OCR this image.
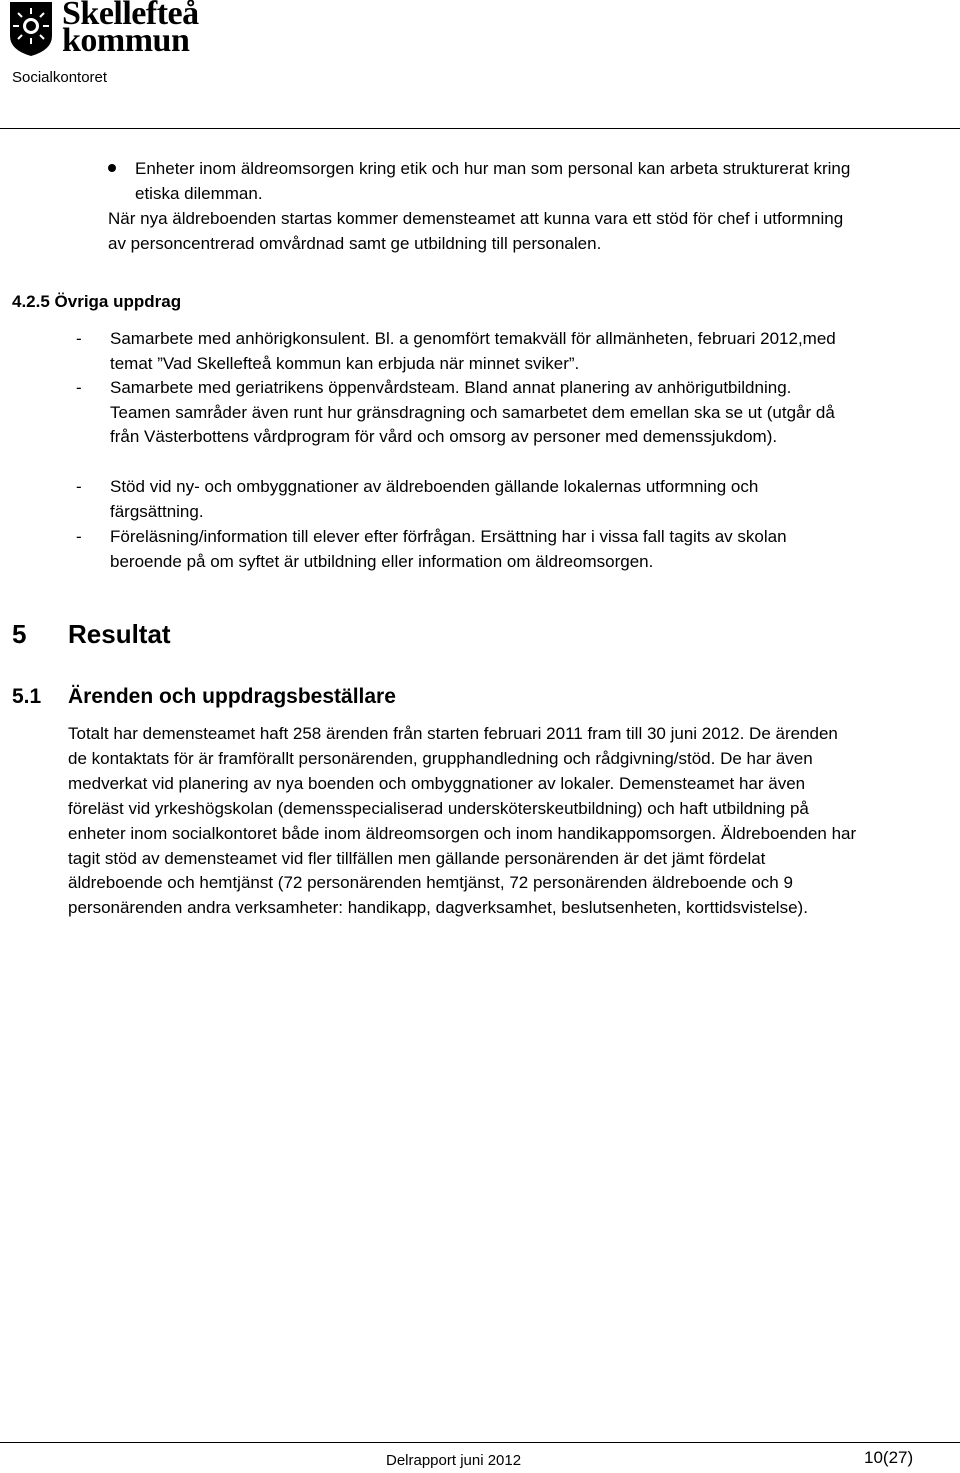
Skellefteå
kommun
Socialkontoret
Enheter inom äldreomsorgen kring etik och hur man som personal kan arbeta strukturerat kring etiska dilemman.
När nya äldreboenden startas kommer demensteamet att kunna vara ett stöd för chef i utformning av personcentrerad omvårdnad samt ge utbildning till personalen.
4.2.5 Övriga uppdrag
- Samarbete med anhörigkonsulent. Bl. a genomfört temakväll för allmänheten, februari 2012,med temat ”Vad Skellefteå kommun kan erbjuda när minnet sviker”.
- Samarbete med geriatrikens öppenvårdsteam. Bland annat planering av anhörigutbildning. Teamen samråder även runt hur gränsdragning och samarbetet dem emellan ska se ut (utgår då från Västerbottens vårdprogram för vård och omsorg av personer med demenssjukdom).
- Stöd vid ny- och ombyggnationer av äldreboenden gällande lokalernas utformning och färgsättning.
- Föreläsning/information till elever efter förfrågan. Ersättning har i vissa fall tagits av skolan beroende på om syftet är utbildning eller information om äldreomsorgen.
5 Resultat
5.1 Ärenden och uppdragsbeställare
Totalt har demensteamet haft 258 ärenden från starten februari 2011 fram till 30 juni 2012. De ärenden de kontaktats för är framförallt personärenden, grupphandledning och rådgivning/stöd. De har även medverkat vid planering av nya boenden och ombyggnationer av lokaler. Demensteamet har även föreläst vid yrkeshögskolan (demensspecialiserad undersköterskeutbildning) och haft utbildning på enheter inom socialkontoret både inom äldreomsorgen och inom handikappomsorgen. Äldreboenden har tagit stöd av demensteamet vid fler tillfällen men gällande personärenden är det jämt fördelat äldreboende och hemtjänst (72 personärenden hemtjänst, 72 personärenden äldreboende och 9 personärenden andra verksamheter: handikapp, dagverksamhet, beslutsenheten, korttidsvistelse).
Delrapport juni 2012	10(27)
